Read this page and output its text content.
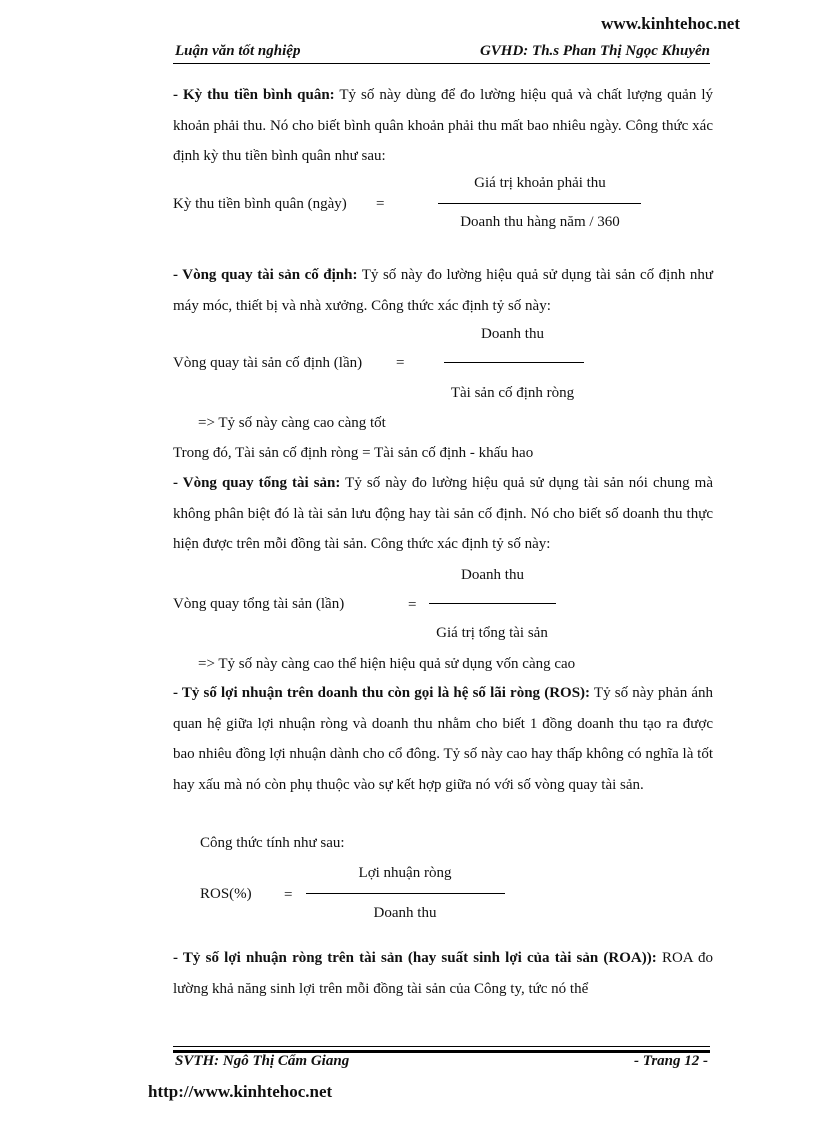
www.kinhtehoc.net
Luận văn tốt nghiệp	GVHD: Th.s Phan Thị Ngọc Khuyên
- Kỳ thu tiền bình quân: Tỷ số này dùng để đo lường hiệu quả và chất lượng quản lý khoản phải thu. Nó cho biết bình quân khoản phải thu mất bao nhiêu ngày. Công thức xác định kỳ thu tiền bình quân như sau:
Kỳ thu tiền bình quân (ngày) =
Giá trị khoản phải thu
Doanh thu hàng năm / 360
- Vòng quay tài sản cố định: Tỷ số này đo lường hiệu quả sử dụng tài sản cố định như máy móc, thiết bị và nhà xưởng. Công thức xác định tỷ số này:
Vòng quay tài sản cố định (lần) =
Doanh thu
Tài sản cố định ròng
=> Tỷ số này càng cao càng tốt
Trong đó, Tài sản cố định ròng = Tài sản cố định - khấu hao
- Vòng quay tổng tài sản: Tỷ số này đo lường hiệu quả sử dụng tài sản nói chung mà không phân biệt đó là tài sản lưu động hay tài sản cố định. Nó cho biết số doanh thu thực hiện được trên mỗi đồng tài sản. Công thức xác định tỷ số này:
Vòng quay tổng tài sản (lần)	=
Doanh thu
Giá trị tổng tài sản
=> Tỷ số này càng cao thể hiện hiệu quả sử dụng vốn càng cao
- Tỷ số lợi nhuận trên doanh thu còn gọi là hệ số lãi ròng (ROS): Tỷ số này phản ánh quan hệ giữa lợi nhuận ròng và doanh thu nhằm cho biết 1 đồng doanh thu tạo ra được bao nhiêu đồng lợi nhuận dành cho cổ đông. Tỷ số này cao hay thấp không có nghĩa là tốt hay xấu mà nó còn phụ thuộc vào sự kết hợp giữa nó với số vòng quay tài sản.
Công thức tính như sau:
ROS(%) =
Lợi nhuận ròng
Doanh thu
- Tỷ số lợi nhuận ròng trên tài sản (hay suất sinh lợi của tài sản (ROA)): ROA đo lường khả năng sinh lợi trên mỗi đồng tài sản của Công ty, tức nó thể
SVTH: Ngô Thị Cẩm Giang	- Trang 12 -
http://www.kinhtehoc.net
